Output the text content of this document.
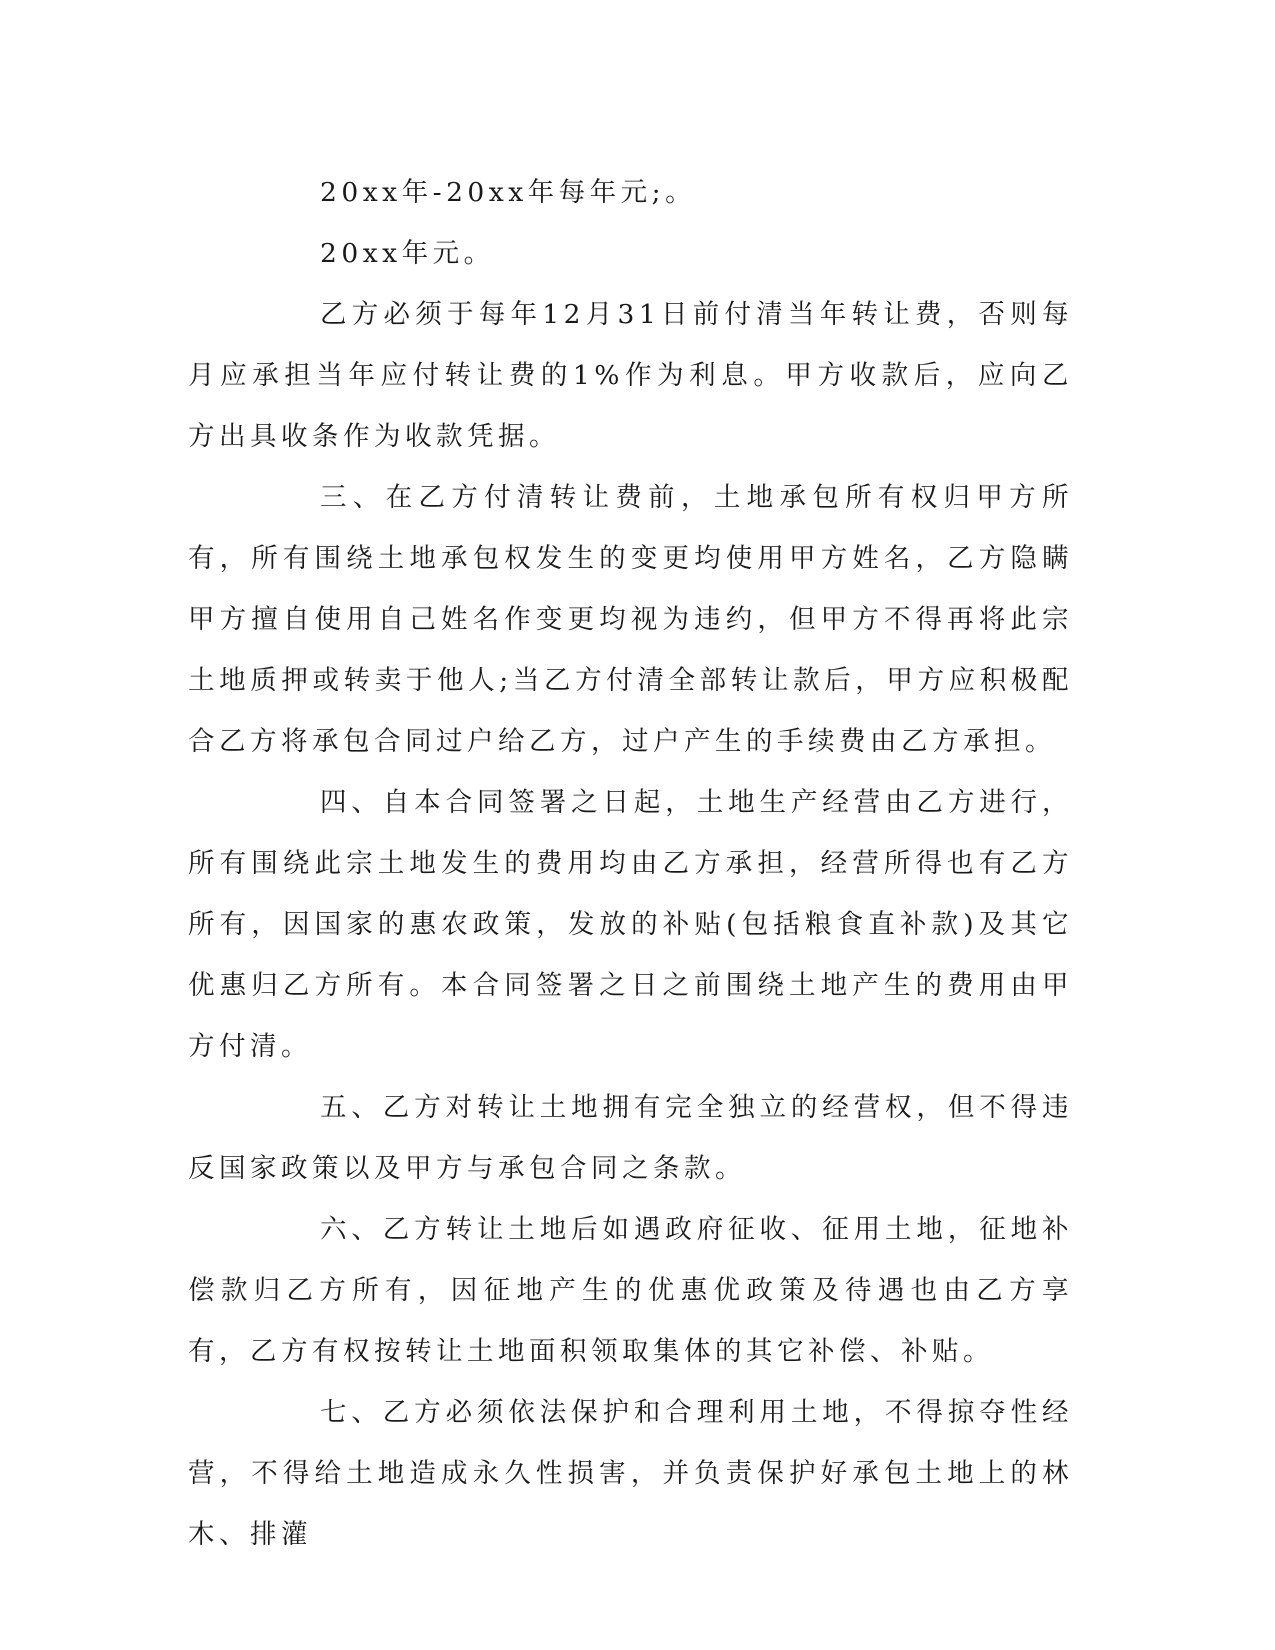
20xx年-20xx年每年元;。

20xx年元。

乙方必须于每年12月31日前付清当年转让费，否则每月应承担当年应付转让费的1%作为利息。甲方收款后，应向乙方出具收条作为收款凭据。

三、在乙方付清转让费前，土地承包所有权归甲方所有，所有围绕土地承包权发生的变更均使用甲方姓名，乙方隐瞒甲方擅自使用自己姓名作变更均视为违约，但甲方不得再将此宗土地质押或转卖于他人;当乙方付清全部转让款后，甲方应积极配合乙方将承包合同过户给乙方，过户产生的手续费由乙方承担。

四、自本合同签署之日起，土地生产经营由乙方进行，所有围绕此宗土地发生的费用均由乙方承担，经营所得也有乙方所有，因国家的惠农政策，发放的补贴(包括粮食直补款)及其它优惠归乙方所有。本合同签署之日之前围绕土地产生的费用由甲方付清。

五、乙方对转让土地拥有完全独立的经营权，但不得违反国家政策以及甲方与承包合同之条款。

六、乙方转让土地后如遇政府征收、征用土地，征地补偿款归乙方所有，因征地产生的优惠优政策及待遇也由乙方享有，乙方有权按转让土地面积领取集体的其它补偿、补贴。

七、乙方必须依法保护和合理利用土地，不得掠夺性经营，不得给土地造成永久性损害，并负责保护好承包土地上的林木、排灌
